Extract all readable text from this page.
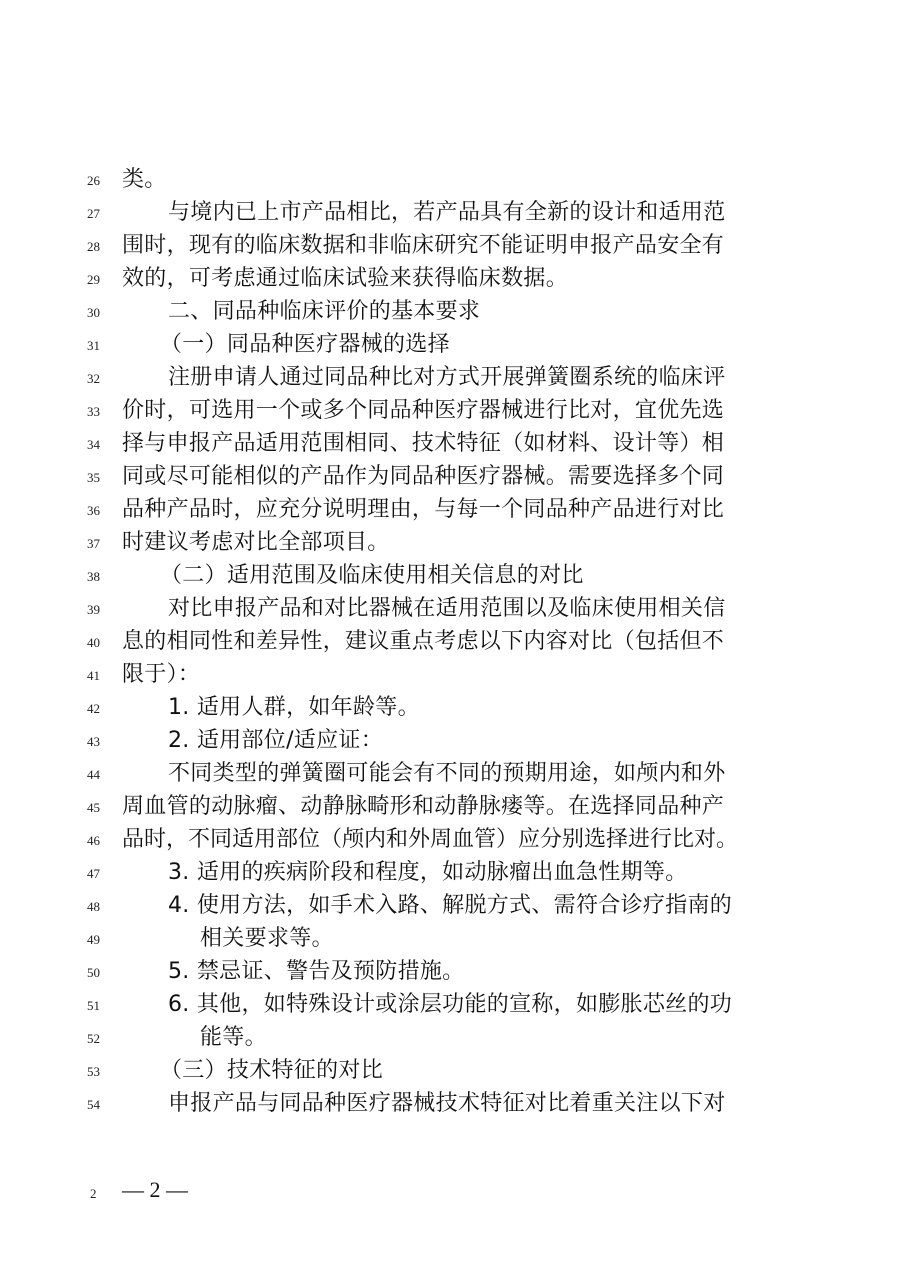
26 类。
27	与境内已上市产品相比，若产品具有全新的设计和适用范
28 围时，现有的临床数据和非临床研究不能证明申报产品安全有
29 效的，可考虑通过临床试验来获得临床数据。
30	二、同品种临床评价的基本要求
31	（一）同品种医疗器械的选择
32	注册申请人通过同品种比对方式开展弹簧圈系统的临床评
33 价时，可选用一个或多个同品种医疗器械进行比对，宜优先选
34 择与申报产品适用范围相同、技术特征（如材料、设计等）相
35 同或尽可能相似的产品作为同品种医疗器械。需要选择多个同
36 品种产品时，应充分说明理由，与每一个同品种产品进行对比
37 时建议考虑对比全部项目。
38	（二）适用范围及临床使用相关信息的对比
39	对比申报产品和对比器械在适用范围以及临床使用相关信
40 息的相同性和差异性，建议重点考虑以下内容对比（包括但不
41 限于）：
42	1. 适用人群，如年龄等。
43	2. 适用部位/适应证：
44	不同类型的弹簧圈可能会有不同的预期用途，如颅内和外
45 周血管的动脉瘤、动静脉畸形和动静脉瘘等。在选择同品种产
46 品时，不同适用部位（颅内和外周血管）应分别选择进行比对。
47	3. 适用的疾病阶段和程度，如动脉瘤出血急性期等。
48	4. 使用方法，如手术入路、解脱方式、需符合诊疗指南的
49	相关要求等。
50	5. 禁忌证、警告及预防措施。
51	6. 其他，如特殊设计或涂层功能的宣称，如膨胀芯丝的功
52	能等。
53	（三）技术特征的对比
54	申报产品与同品种医疗器械技术特征对比着重关注以下对
2 — 2 —
